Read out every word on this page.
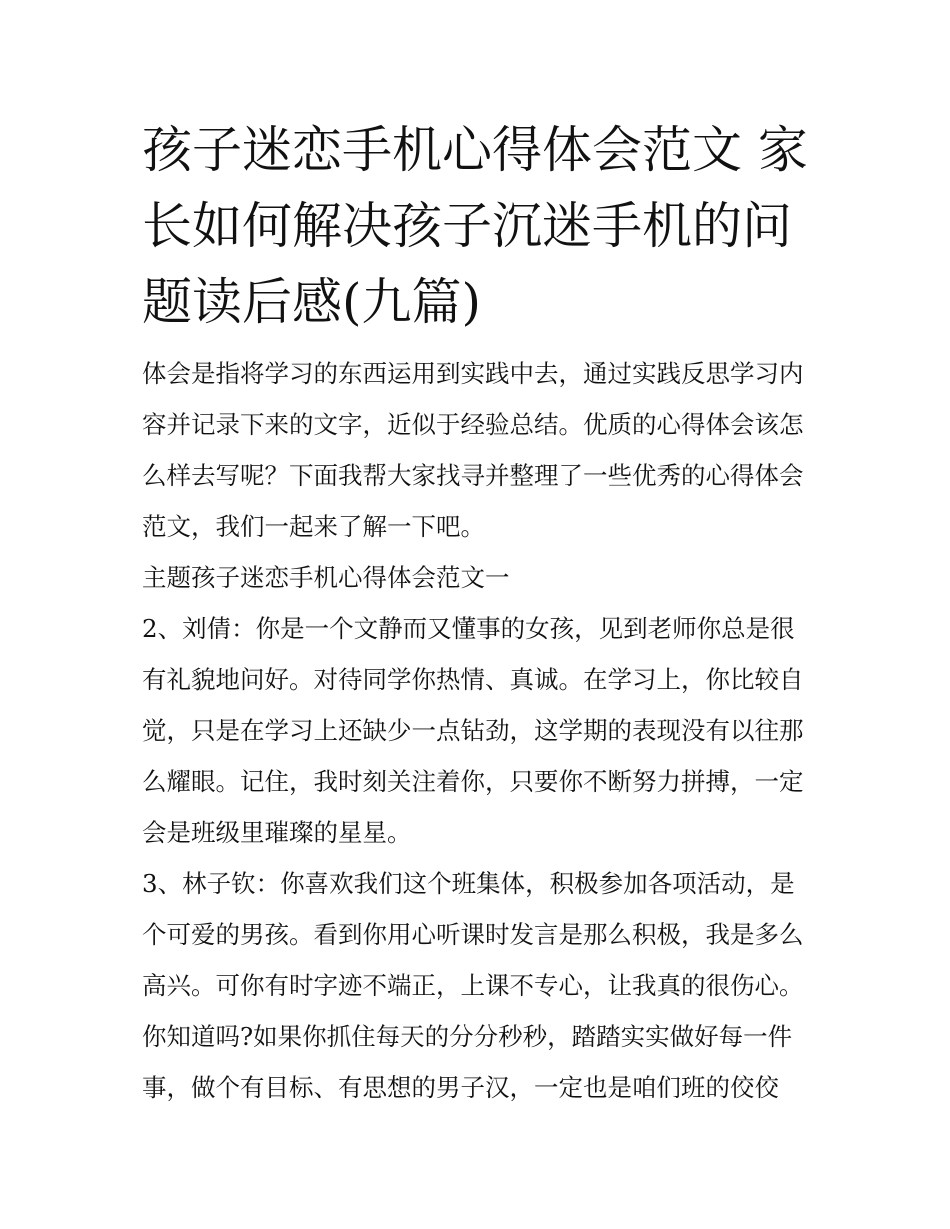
孩子迷恋手机心得体会范文 家长如何解决孩子沉迷手机的问题读后感(九篇)

体会是指将学习的东西运用到实践中去，通过实践反思学习内容并记录下来的文字，近似于经验总结。优质的心得体会该怎么样去写呢？下面我帮大家找寻并整理了一些优秀的心得体会范文，我们一起来了解一下吧。

主题孩子迷恋手机心得体会范文一

2、刘倩：你是一个文静而又懂事的女孩，见到老师你总是很有礼貌地问好。对待同学你热情、真诚。在学习上，你比较自觉，只是在学习上还缺少一点钻劲，这学期的表现没有以往那么耀眼。记住，我时刻关注着你，只要你不断努力拼搏，一定会是班级里璀璨的星星。

3、林子钦：你喜欢我们这个班集体，积极参加各项活动，是个可爱的男孩。看到你用心听课时发言是那么积极，我是多么高兴。可你有时字迹不端正，上课不专心，让我真的很伤心。你知道吗?如果你抓住每天的分分秒秒，踏踏实实做好每一件事，做个有目标、有思想的男子汉，一定也是咱们班的佼佼
